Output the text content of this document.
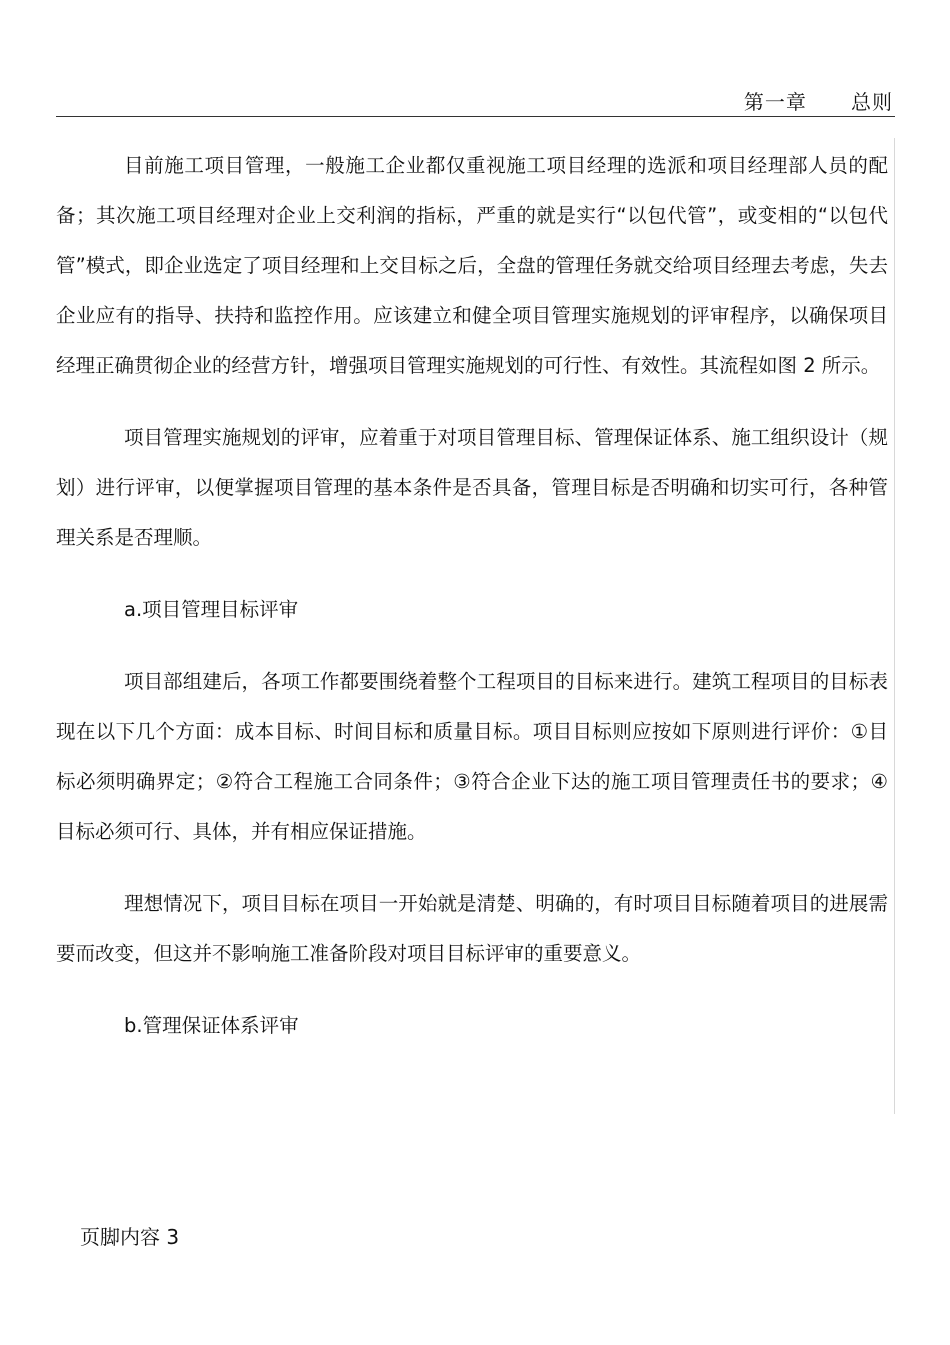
第一章 总则

目前施工项目管理，一般施工企业都仅重视施工项目经理的选派和项目经理部人员的配备；其次施工项目经理对企业上交利润的指标，严重的就是实行“以包代管”，或变相的“以包代管”模式，即企业选定了项目经理和上交目标之后，全盘的管理任务就交给项目经理去考虑，失去企业应有的指导、扶持和监控作用。应该建立和健全项目管理实施规划的评审程序，以确保项目经理正确贯彻企业的经营方针，增强项目管理实施规划的可行性、有效性。其流程如图 2 所示。

项目管理实施规划的评审，应着重于对项目管理目标、管理保证体系、施工组织设计（规划）进行评审，以便掌握项目管理的基本条件是否具备，管理目标是否明确和切实可行，各种管理关系是否理顺。

a.项目管理目标评审

项目部组建后，各项工作都要围绕着整个工程项目的目标来进行。建筑工程项目的目标表现在以下几个方面：成本目标、时间目标和质量目标。项目目标则应按如下原则进行评价：①目标必须明确界定；②符合工程施工合同条件；③符合企业下达的施工项目管理责任书的要求；④目标必须可行、具体，并有相应保证措施。

理想情况下，项目目标在项目一开始就是清楚、明确的，有时项目目标随着项目的进展需要而改变，但这并不影响施工准备阶段对项目目标评审的重要意义。

b.管理保证体系评审
页脚内容 3
